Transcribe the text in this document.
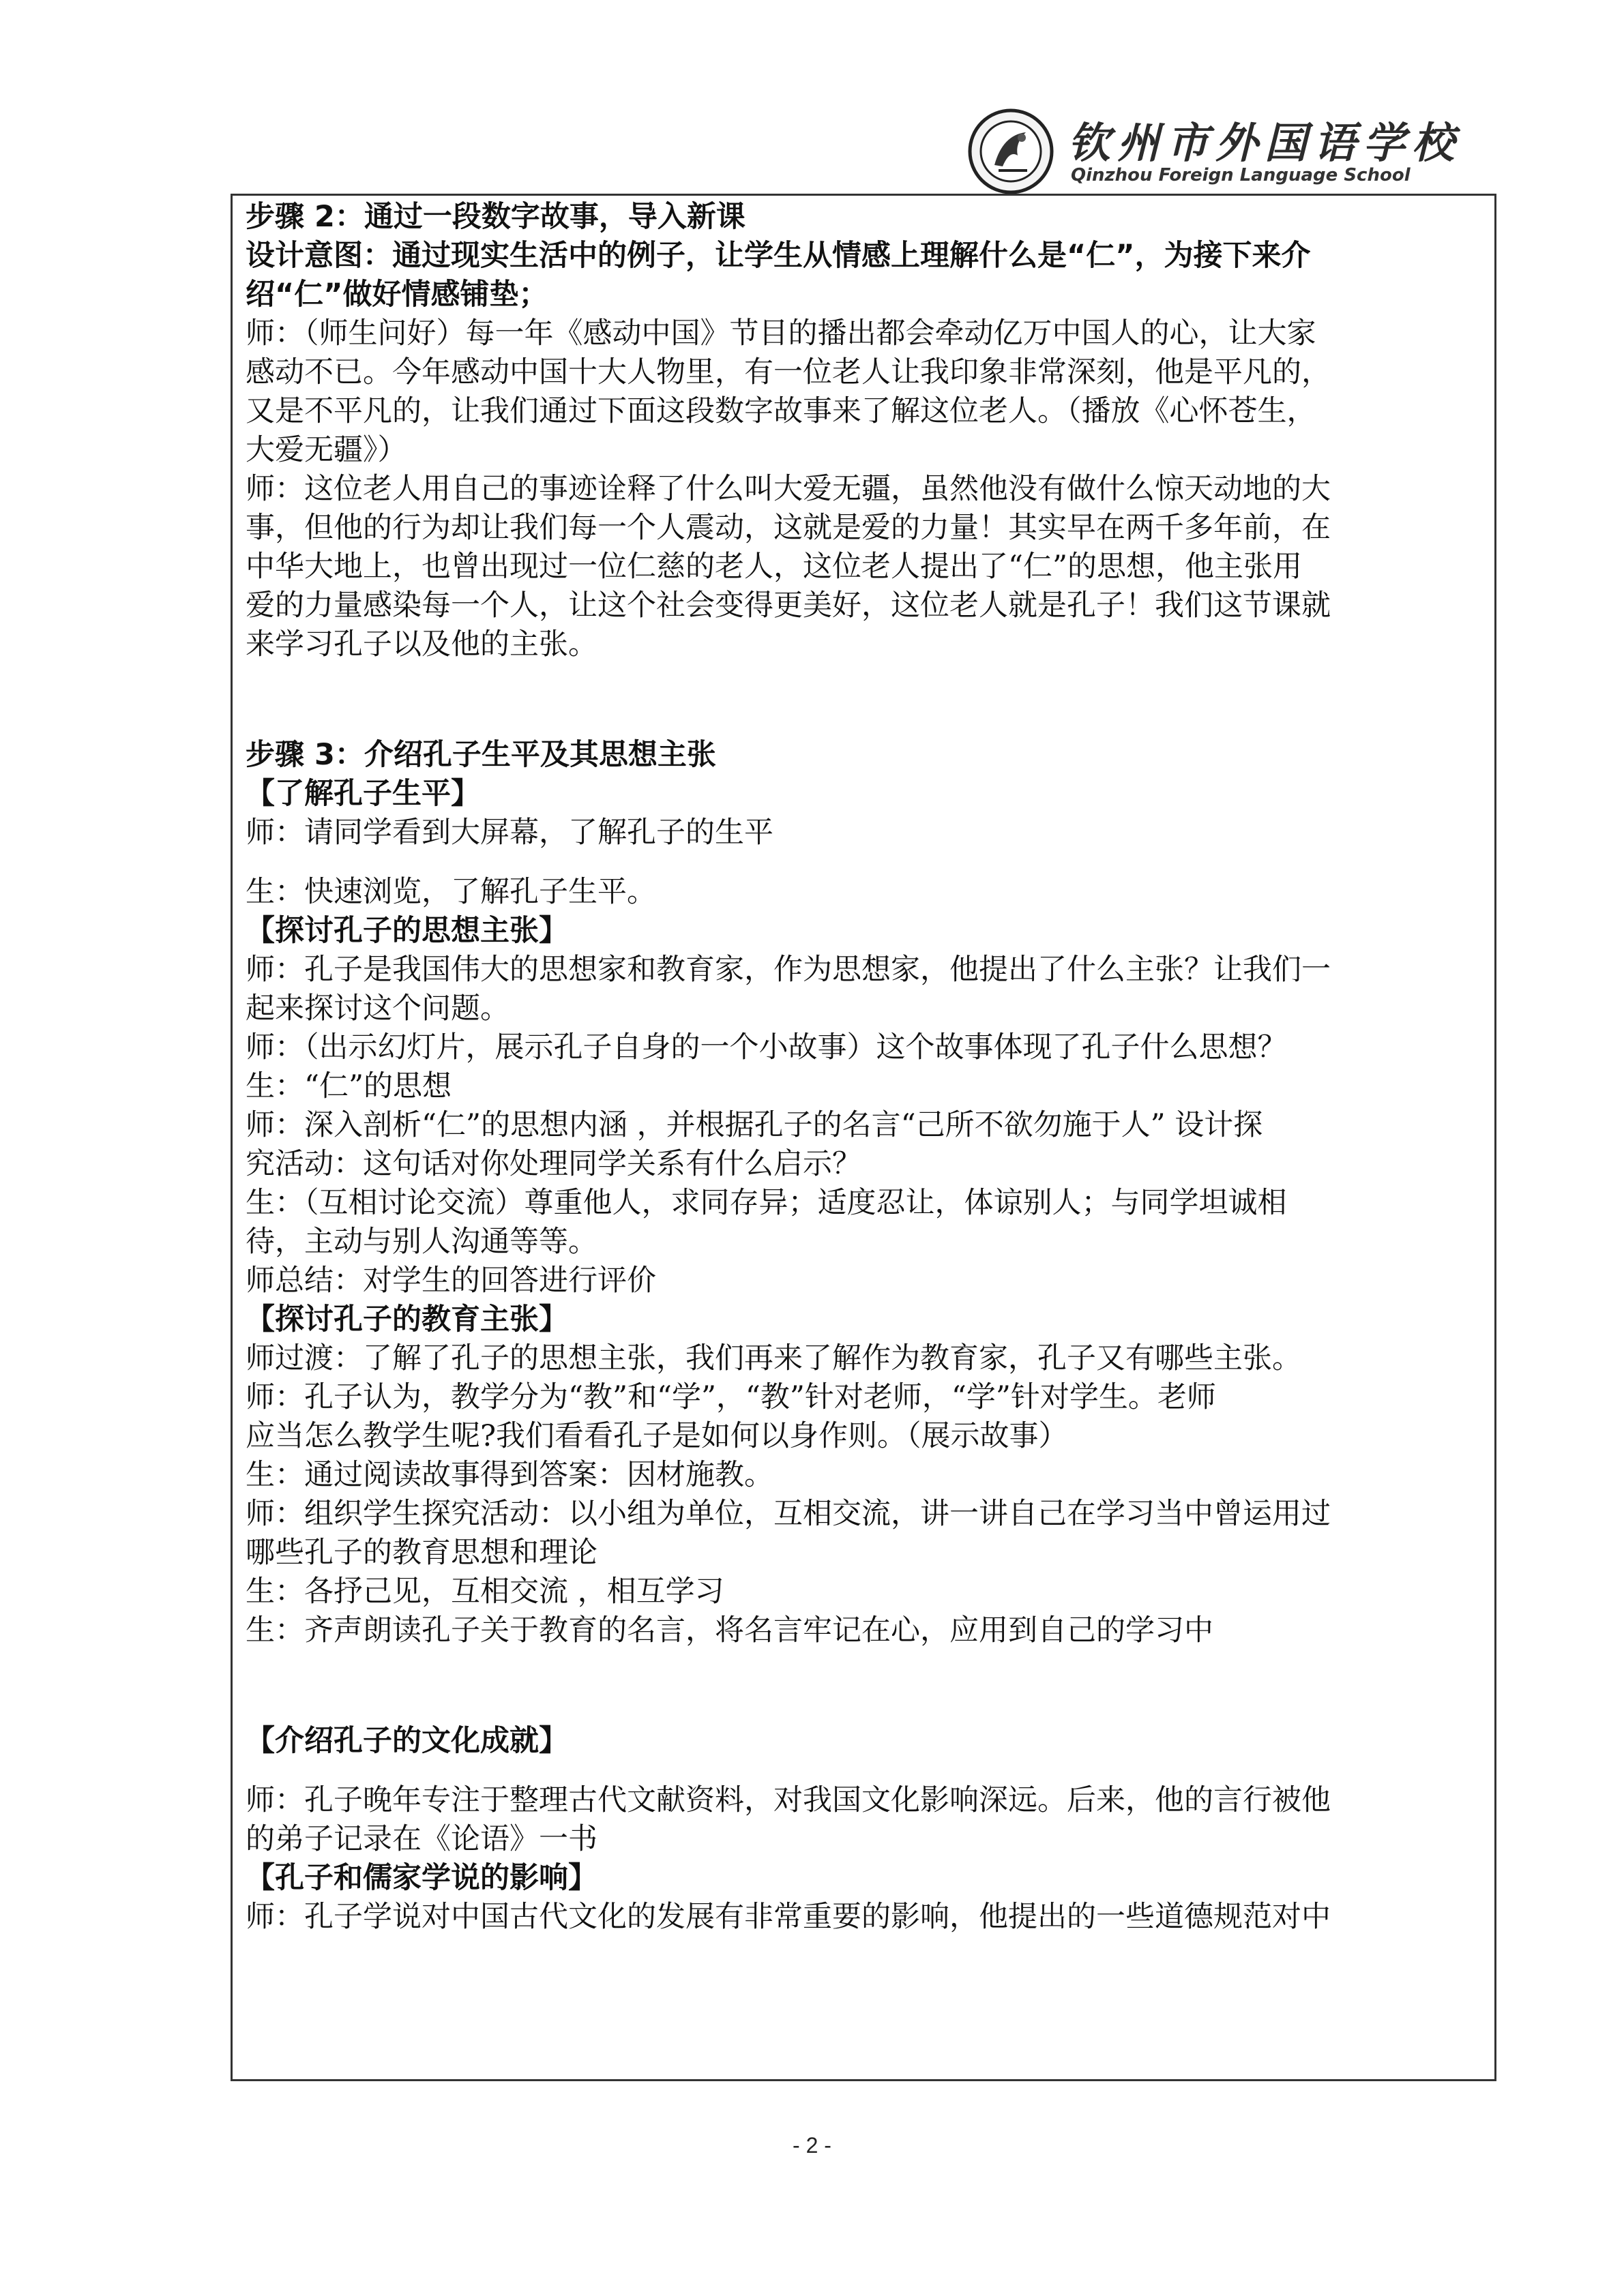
钦州市外国语学校
Qinzhou Foreign Language School
步骤 2：通过一段数字故事，导入新课
设计意图：通过现实生活中的例子，让学生从情感上理解什么是“仁”，为接下来介
绍“仁”做好情感铺垫；
师：（师生问好）每一年《感动中国》节目的播出都会牵动亿万中国人的心，让大家
感动不已。今年感动中国十大人物里，有一位老人让我印象非常深刻，他是平凡的，
又是不平凡的，让我们通过下面这段数字故事来了解这位老人。（播放《心怀苍生，
大爱无疆》）
师：这位老人用自己的事迹诠释了什么叫大爱无疆，虽然他没有做什么惊天动地的大
事，但他的行为却让我们每一个人震动，这就是爱的力量！其实早在两千多年前，在
中华大地上，也曾出现过一位仁慈的老人，这位老人提出了“仁”的思想，他主张用
爱的力量感染每一个人，让这个社会变得更美好，这位老人就是孔子！我们这节课就
来学习孔子以及他的主张。
步骤 3：介绍孔子生平及其思想主张
【了解孔子生平】
师：请同学看到大屏幕，了解孔子的生平
生：快速浏览，了解孔子生平。
【探讨孔子的思想主张】
师：孔子是我国伟大的思想家和教育家，作为思想家，他提出了什么主张？让我们一
起来探讨这个问题。
师：（出示幻灯片，展示孔子自身的一个小故事）这个故事体现了孔子什么思想？
生：“仁”的思想
师：深入剖析“仁”的思想内涵 ，并根据孔子的名言“己所不欲勿施于人” 设计探
究活动：这句话对你处理同学关系有什么启示？
生：（互相讨论交流）尊重他人，求同存异；适度忍让，体谅别人；与同学坦诚相
待，主动与别人沟通等等。
师总结：对学生的回答进行评价
【探讨孔子的教育主张】
师过渡：了解了孔子的思想主张，我们再来了解作为教育家，孔子又有哪些主张。
师：孔子认为，教学分为“教”和“学”，“教”针对老师，“学”针对学生。老师
应当怎么教学生呢?我们看看孔子是如何以身作则。（展示故事）
生：通过阅读故事得到答案：因材施教。
师：组织学生探究活动：以小组为单位，互相交流，讲一讲自己在学习当中曾运用过
哪些孔子的教育思想和理论
生：各抒己见，互相交流 ，相互学习
生：齐声朗读孔子关于教育的名言，将名言牢记在心，应用到自己的学习中
【介绍孔子的文化成就】
师：孔子晚年专注于整理古代文献资料，对我国文化影响深远。后来，他的言行被他
的弟子记录在《论语》一书
【孔子和儒家学说的影响】
师：孔子学说对中国古代文化的发展有非常重要的影响，他提出的一些道德规范对中
- 2 -
